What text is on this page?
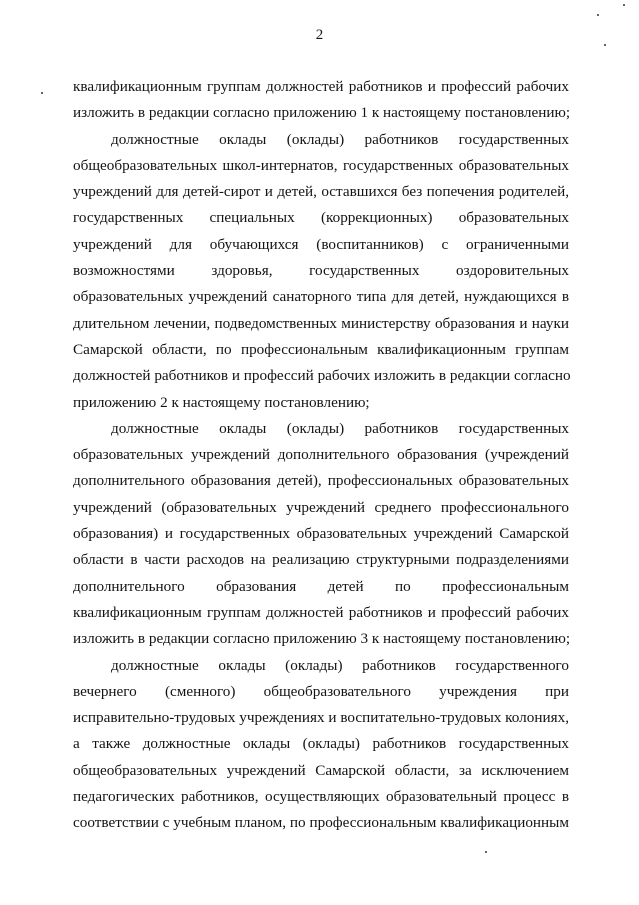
2
квалификационным группам должностей работников и профессий рабочих
изложить в редакции согласно приложению 1 к настоящему постановлению;
должностные оклады (оклады) работников государственных
общеобразовательных школ-интернатов, государственных образовательных
учреждений для детей-сирот и детей, оставшихся без попечения родителей,
государственных специальных (коррекционных) образовательных
учреждений для обучающихся (воспитанников) с ограниченными
возможностями здоровья, государственных оздоровительных
образовательных учреждений санаторного типа для детей, нуждающихся в
длительном лечении, подведомственных министерству образования и науки
Самарской области, по профессиональным квалификационным группам
должностей работников и профессий рабочих изложить в редакции согласно
приложению 2 к настоящему постановлению;
должностные оклады (оклады) работников государственных
образовательных учреждений дополнительного образования (учреждений
дополнительного образования детей), профессиональных образовательных
учреждений (образовательных учреждений среднего профессионального
образования) и государственных образовательных учреждений Самарской
области в части расходов на реализацию структурными подразделениями
дополнительного образования детей по профессиональным
квалификационным группам должностей работников и профессий рабочих
изложить в редакции согласно приложению 3 к настоящему постановлению;
должностные оклады (оклады) работников государственного
вечернего (сменного) общеобразовательного учреждения при
исправительно-трудовых учреждениях и воспитательно-трудовых колониях,
а также должностные оклады (оклады) работников государственных
общеобразовательных учреждений Самарской области, за исключением
педагогических работников, осуществляющих образовательный процесс в
соответствии с учебным планом, по профессиональным квалификационным
